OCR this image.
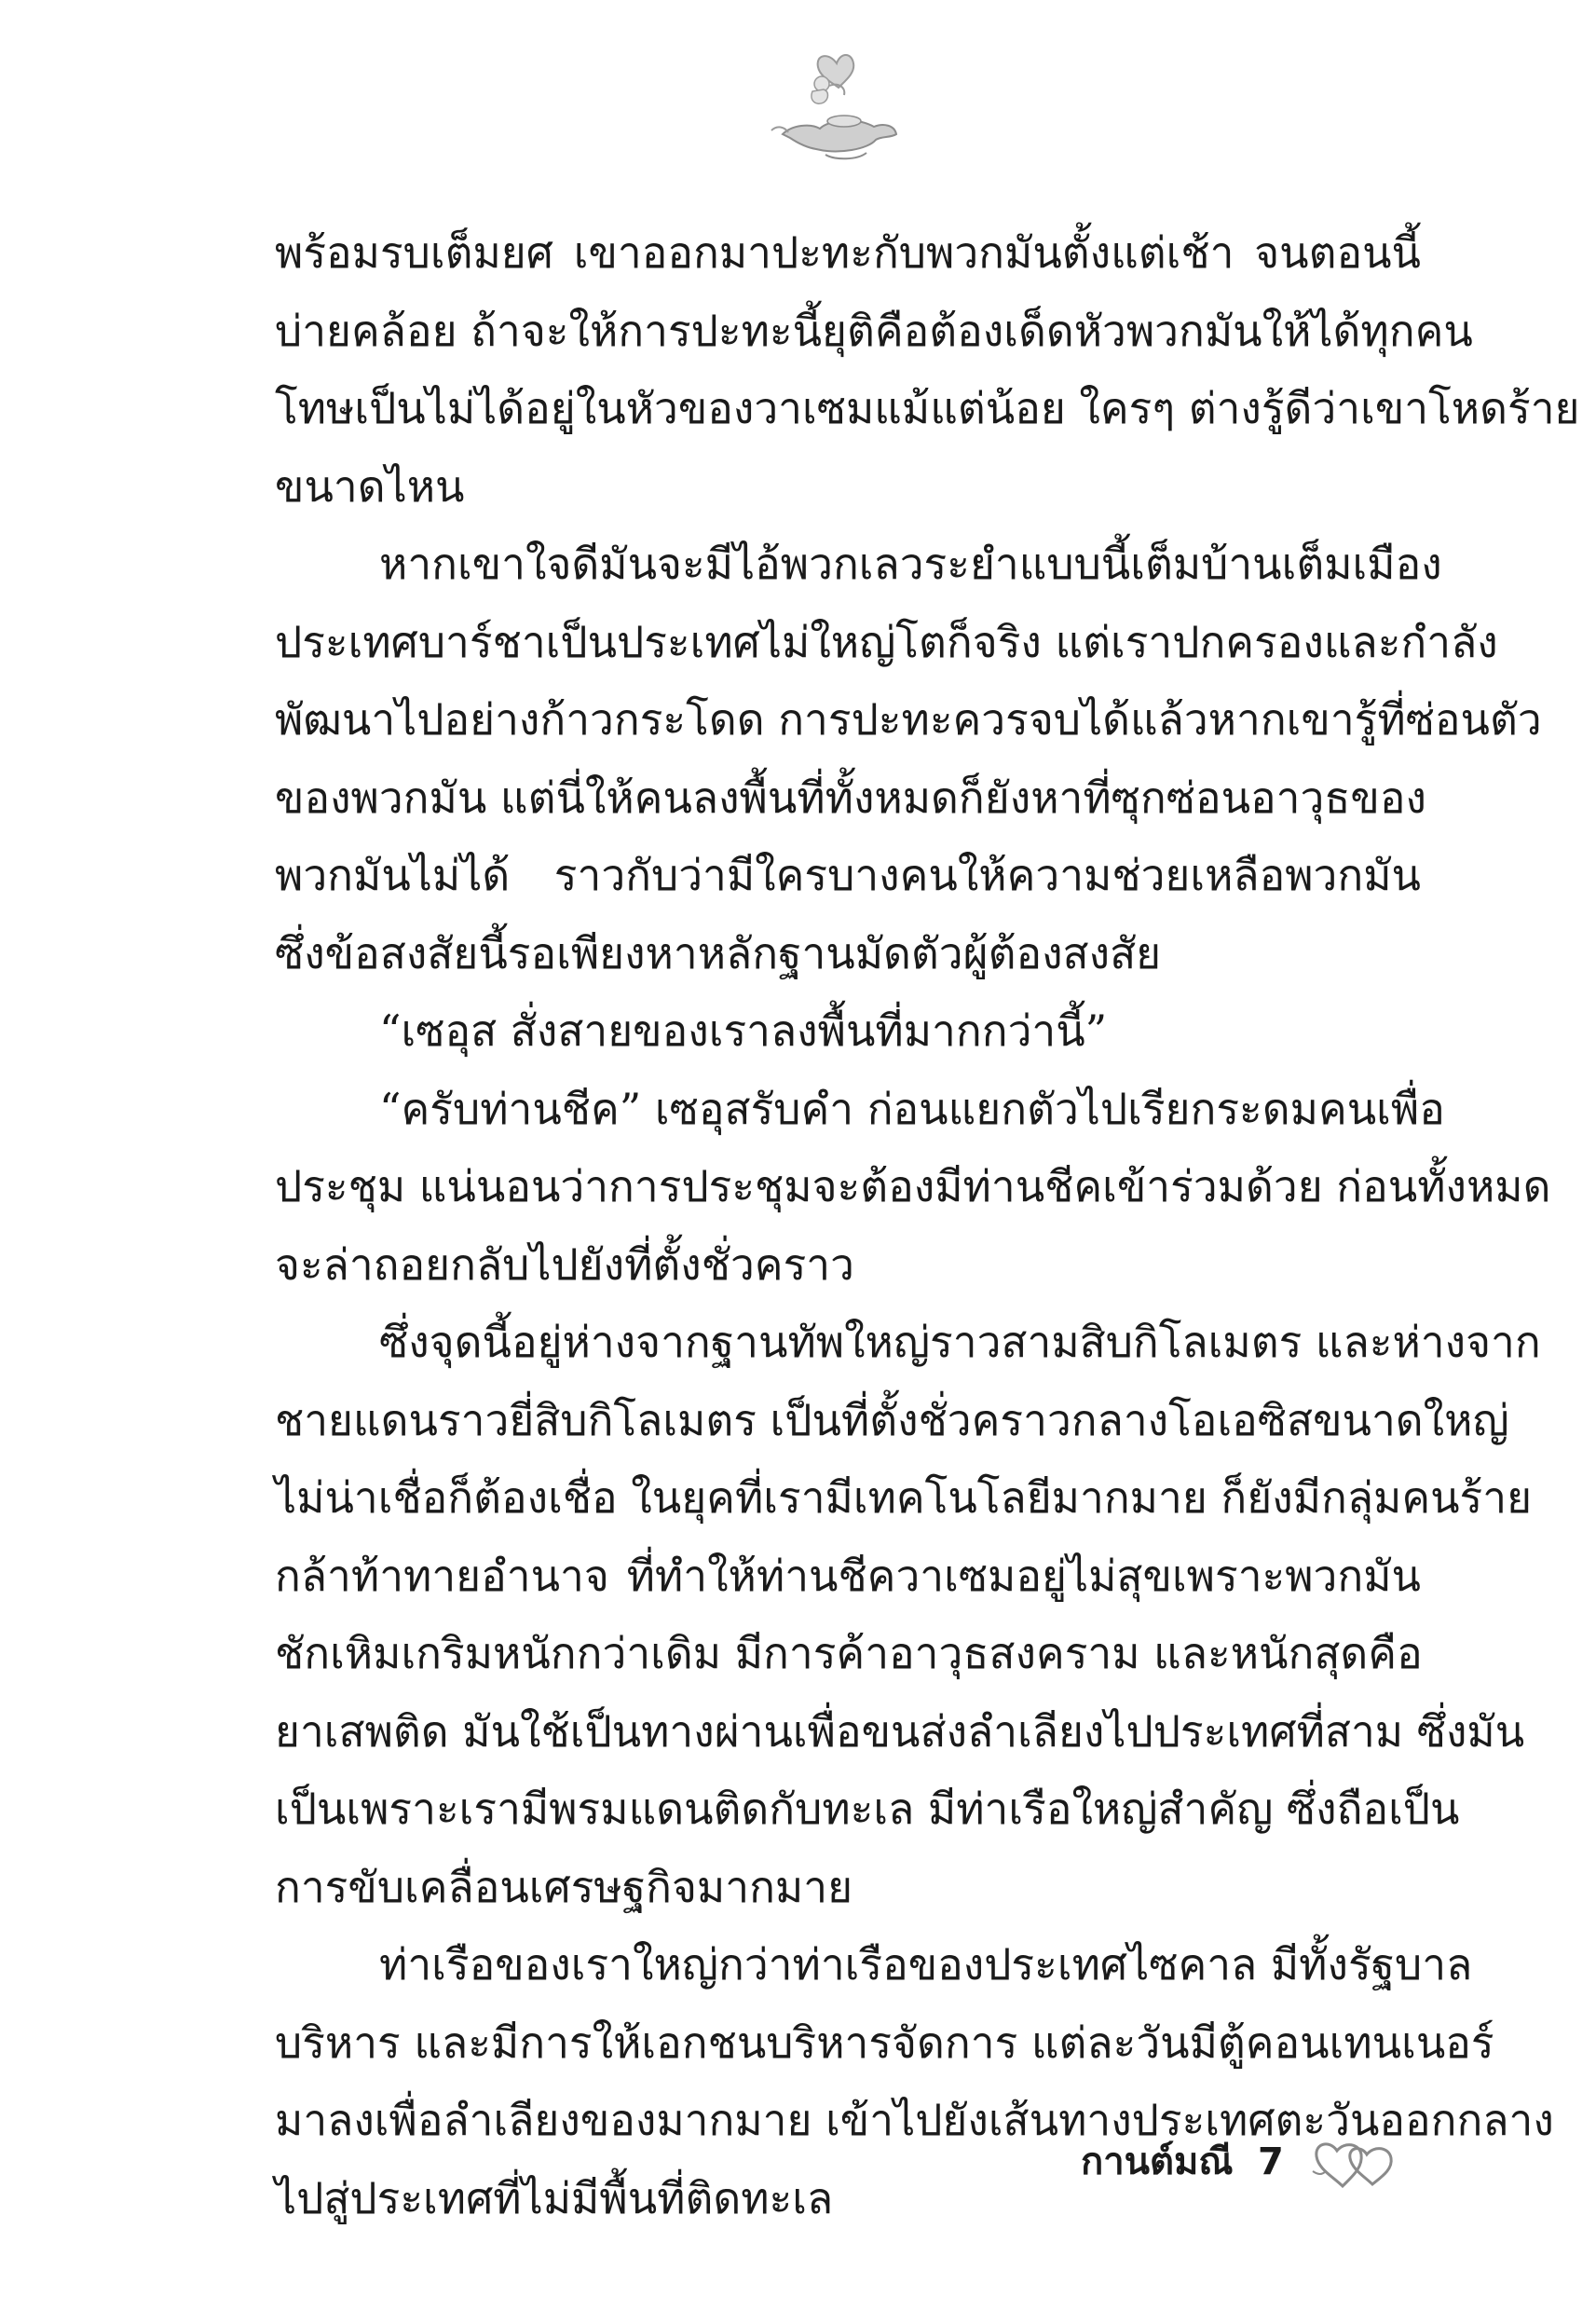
พร้อมรบเต็มยศ เขาออกมาปะทะกับพวกมันตั้งแต่เช้า จนตอนนี้
บ่ายคล้อย ถ้าจะให้การปะทะนี้ยุติคือต้องเด็ดหัวพวกมันให้ได้ทุกคน
โทษเป็นไม่ได้อยู่ในหัวของวาเซมแม้แต่น้อย ใครๆ ต่างรู้ดีว่าเขาโหดร้าย
ขนาดไหน
หากเขาใจดีมันจะมีไอ้พวกเลวระยำแบบนี้เต็มบ้านเต็มเมือง
ประเทศบาร์ชาเป็นประเทศไม่ใหญ่โตก็จริง แต่เราปกครองและกำลัง
พัฒนาไปอย่างก้าวกระโดด การปะทะควรจบได้แล้วหากเขารู้ที่ซ่อนตัว
ของพวกมัน แต่นี่ให้คนลงพื้นที่ทั้งหมดก็ยังหาที่ซุกซ่อนอาวุธของ
พวกมันไม่ได้ ราวกับว่ามีใครบางคนให้ความช่วยเหลือพวกมัน
ซึ่งข้อสงสัยนี้รอเพียงหาหลักฐานมัดตัวผู้ต้องสงสัย
“เซอุส สั่งสายของเราลงพื้นที่มากกว่านี้”
“ครับท่านชีค” เซอุสรับคำ ก่อนแยกตัวไปเรียกระดมคนเพื่อ
ประชุม แน่นอนว่าการประชุมจะต้องมีท่านชีคเข้าร่วมด้วย ก่อนทั้งหมด
จะล่าถอยกลับไปยังที่ตั้งชั่วคราว
ซึ่งจุดนี้อยู่ห่างจากฐานทัพใหญ่ราวสามสิบกิโลเมตร และห่างจาก
ชายแดนราวยี่สิบกิโลเมตร เป็นที่ตั้งชั่วคราวกลางโอเอซิสขนาดใหญ่
ไม่น่าเชื่อก็ต้องเชื่อ ในยุคที่เรามีเทคโนโลยีมากมาย ก็ยังมีกลุ่มคนร้าย
กล้าท้าทายอำนาจ ที่ทำให้ท่านชีควาเซมอยู่ไม่สุขเพราะพวกมัน
ชักเหิมเกริมหนักกว่าเดิม มีการค้าอาวุธสงคราม และหนักสุดคือ
ยาเสพติด มันใช้เป็นทางผ่านเพื่อขนส่งลำเลียงไปประเทศที่สาม ซึ่งมัน
เป็นเพราะเรามีพรมแดนติดกับทะเล มีท่าเรือใหญ่สำคัญ ซึ่งถือเป็น
การขับเคลื่อนเศรษฐกิจมากมาย
ท่าเรือของเราใหญ่กว่าท่าเรือของประเทศไซคาล มีทั้งรัฐบาล
บริหาร และมีการให้เอกชนบริหารจัดการ แต่ละวันมีตู้คอนเทนเนอร์
มาลงเพื่อลำเลียงของมากมาย เข้าไปยังเส้นทางประเทศตะวันออกกลาง
ไปสู่ประเทศที่ไม่มีพื้นที่ติดทะเล
กานต์มณี 7
